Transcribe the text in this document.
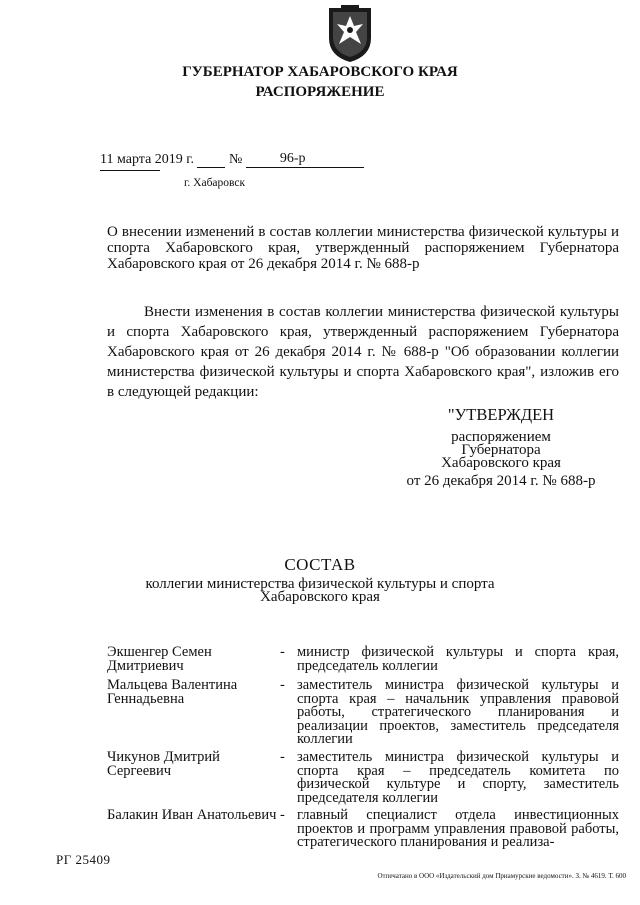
ГУБЕРНАТОР ХАБАРОВСКОГО КРАЯ
РАСПОРЯЖЕНИЕ
11 марта 2019 г.	№	96-р
г. Хабаровск
О внесении изменений в состав коллегии министерства физической культуры и спорта Хабаровского края, утвержденный распоряжением Губернатора Хабаровского края от 26 декабря 2014 г. № 688-р
Внести изменения в состав коллегии министерства физической культуры и спорта Хабаровского края, утвержденный распоряжением Губернатора Хабаровского края от 26 декабря 2014 г. № 688-р "Об образовании коллегии министерства физической культуры и спорта Хабаровского края", изложив его в следующей редакции:
"УТВЕРЖДЕН
распоряжением
Губернатора
Хабаровского края
от 26 декабря 2014 г. № 688-р
СОСТАВ
коллегии министерства физической культуры и спорта
Хабаровского края
Экшенгер Семен Дмитриевич
- министр физической культуры и спорта края, председатель коллегии
Мальцева Валентина Геннадьевна
- заместитель министра физической культуры и спорта края – начальник управления правовой работы, стратегического планирования и реализации проектов, заместитель председателя коллегии
Чикунов Дмитрий Сергеевич
- заместитель министра физической культуры и спорта края – председатель комитета по физической культуре и спорту, заместитель председателя коллегии
Балакин Иван Анатольевич - главный специалист отдела инвестиционных проектов и программ управления правовой работы, стратегического планирования и реализа-
РГ 25409
Отпечатано в ООО «Издательский дом Приамурские ведомости». З. № 4619. Т. 600
